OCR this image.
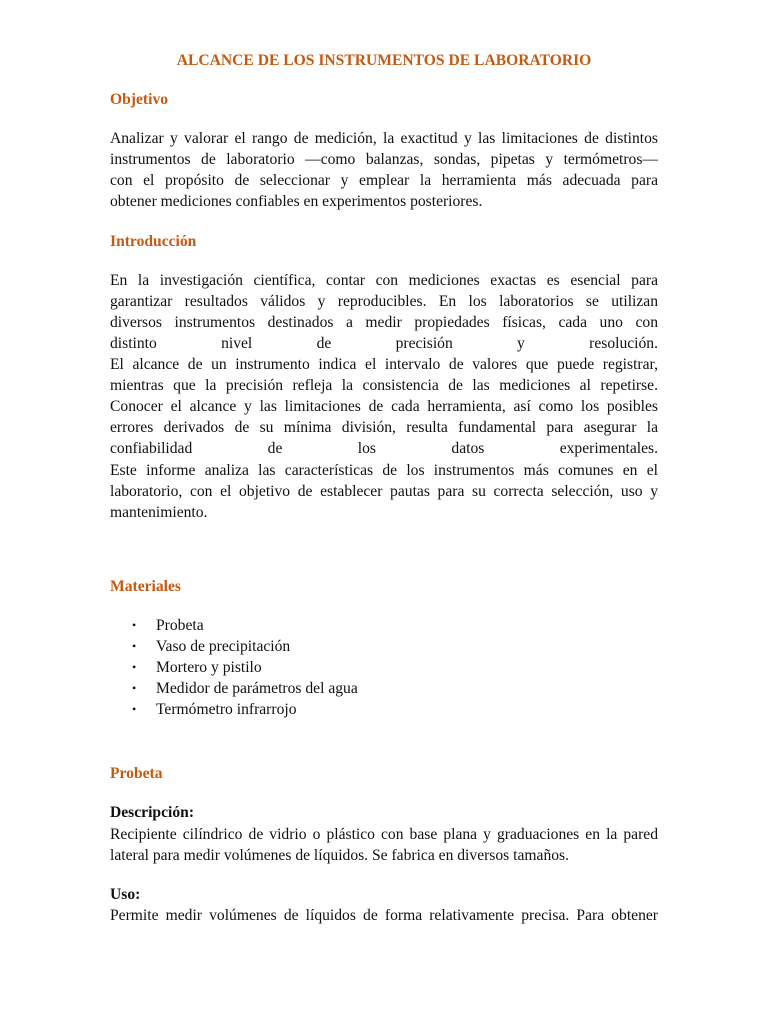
ALCANCE DE LOS INSTRUMENTOS DE LABORATORIO
Objetivo
Analizar y valorar el rango de medición, la exactitud y las limitaciones de distintos
instrumentos de laboratorio —como balanzas, sondas, pipetas y termómetros—
con el propósito de seleccionar y emplear la herramienta más adecuada para
obtener mediciones confiables en experimentos posteriores.
Introducción
En la investigación científica, contar con mediciones exactas es esencial para
garantizar resultados válidos y reproducibles. En los laboratorios se utilizan
diversos instrumentos destinados a medir propiedades físicas, cada uno con
distinto nivel de precisión y resolución.
El alcance de un instrumento indica el intervalo de valores que puede registrar,
mientras que la precisión refleja la consistencia de las mediciones al repetirse.
Conocer el alcance y las limitaciones de cada herramienta, así como los posibles
errores derivados de su mínima división, resulta fundamental para asegurar la
confiabilidad de los datos experimentales.
Este informe analiza las características de los instrumentos más comunes en el
laboratorio, con el objetivo de establecer pautas para su correcta selección, uso y
mantenimiento.
Materiales
• Probeta
• Vaso de precipitación
• Mortero y pistilo
• Medidor de parámetros del agua
• Termómetro infrarrojo
Probeta
Descripción:
Recipiente cilíndrico de vidrio o plástico con base plana y graduaciones en la pared
lateral para medir volúmenes de líquidos. Se fabrica en diversos tamaños.
Uso:
Permite medir volúmenes de líquidos de forma relativamente precisa. Para obtener
